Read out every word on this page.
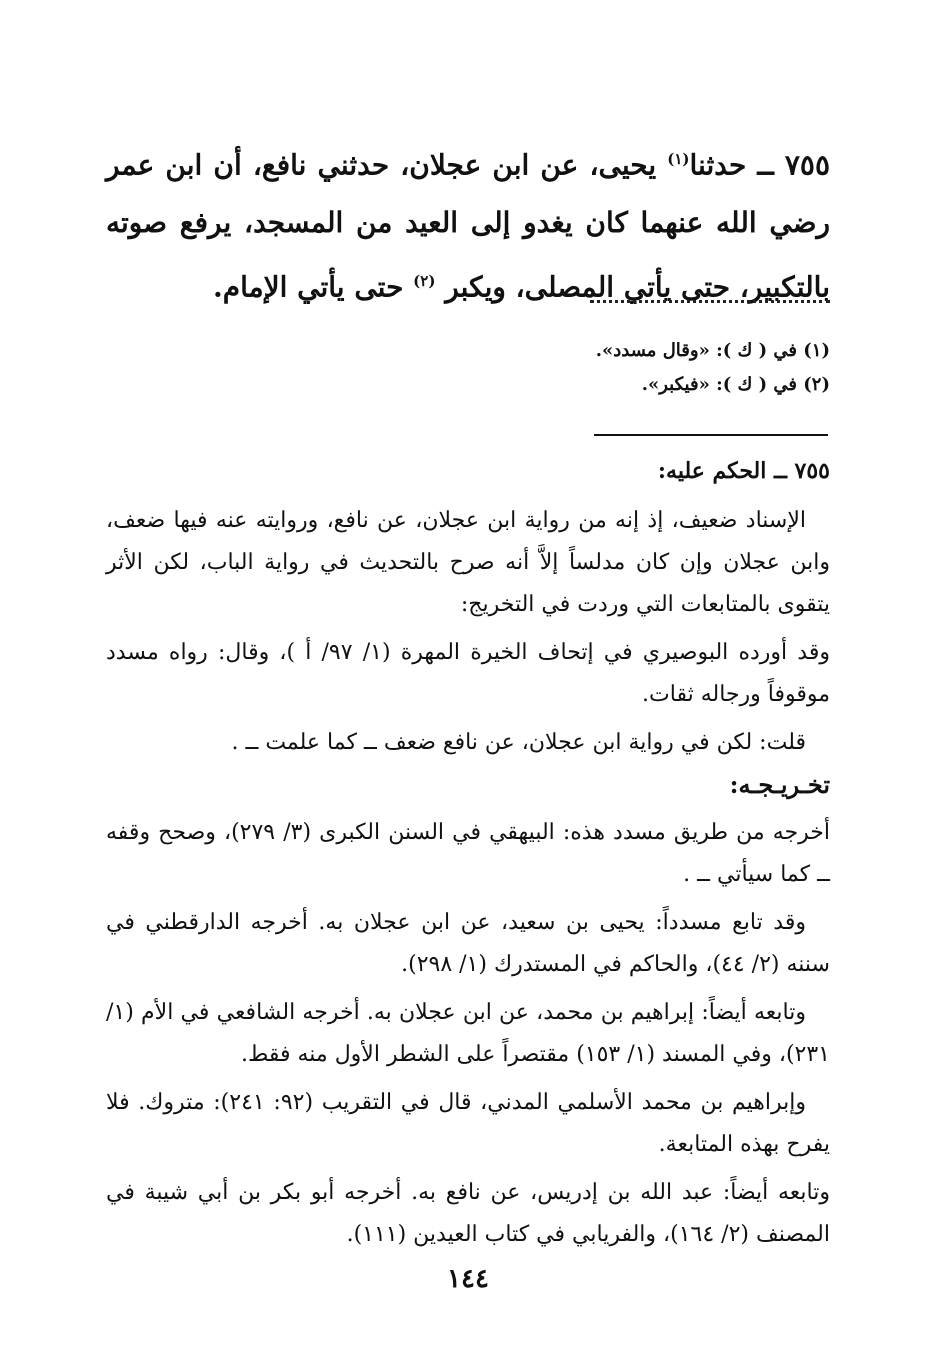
٧٥٥ ــ حدثنا$^{(١)}$ يحيى، عن ابن عجلان، حدثني نافع، أن ابن عمر رضي الله عنهما كان يغدو إلى العيد من المسجد، يرفع صوته بالتكبير، حتى يأتي المصلى، ويكبر $^{(٢)}$ حتى يأتي الإمام.
(١) في ( ك ): «وقال مسدد».
(٢) في ( ك ): «فيكبر».
٧٥٥ ــ الحكم عليه:

الإسناد ضعيف، إذ إنه من رواية ابن عجلان، عن نافع، وروايته عنه فيها ضعف، وابن عجلان وإن كان مدلساً إلاَّ أنه صرح بالتحديث في رواية الباب، لكن الأثر يتقوى بالمتابعات التي وردت في التخريج:

وقد أورده البوصيري في إتحاف الخيرة المهرة (١/ ٩٧/ أ )، وقال: رواه مسدد موقوفاً ورجاله ثقات.

قلت: لكن في رواية ابن عجلان، عن نافع ضعف ــ كما علمت ــ .

تخـريـجـه:

أخرجه من طريق مسدد هذه: البيهقي في السنن الكبرى (٣/ ٢٧٩)، وصحح وقفه ــ كما سيأتي ــ .

وقد تابع مسدداً: يحيى بن سعيد، عن ابن عجلان به. أخرجه الدارقطني في سننه (٢/ ٤٤)، والحاكم في المستدرك (١/ ٢٩٨).

وتابعه أيضاً: إبراهيم بن محمد، عن ابن عجلان به. أخرجه الشافعي في الأم (١/ ٢٣١)، وفي المسند (١/ ١٥٣) مقتصراً على الشطر الأول منه فقط.

وإبراهيم بن محمد الأسلمي المدني، قال في التقريب (٩٢: ٢٤١): متروك. فلا يفرح بهذه المتابعة.

وتابعه أيضاً: عبد الله بن إدريس، عن نافع به. أخرجه أبو بكر بن أبي شيبة في المصنف (٢/ ١٦٤)، والفريابي في كتاب العيدين (١١١).

١٤٤
